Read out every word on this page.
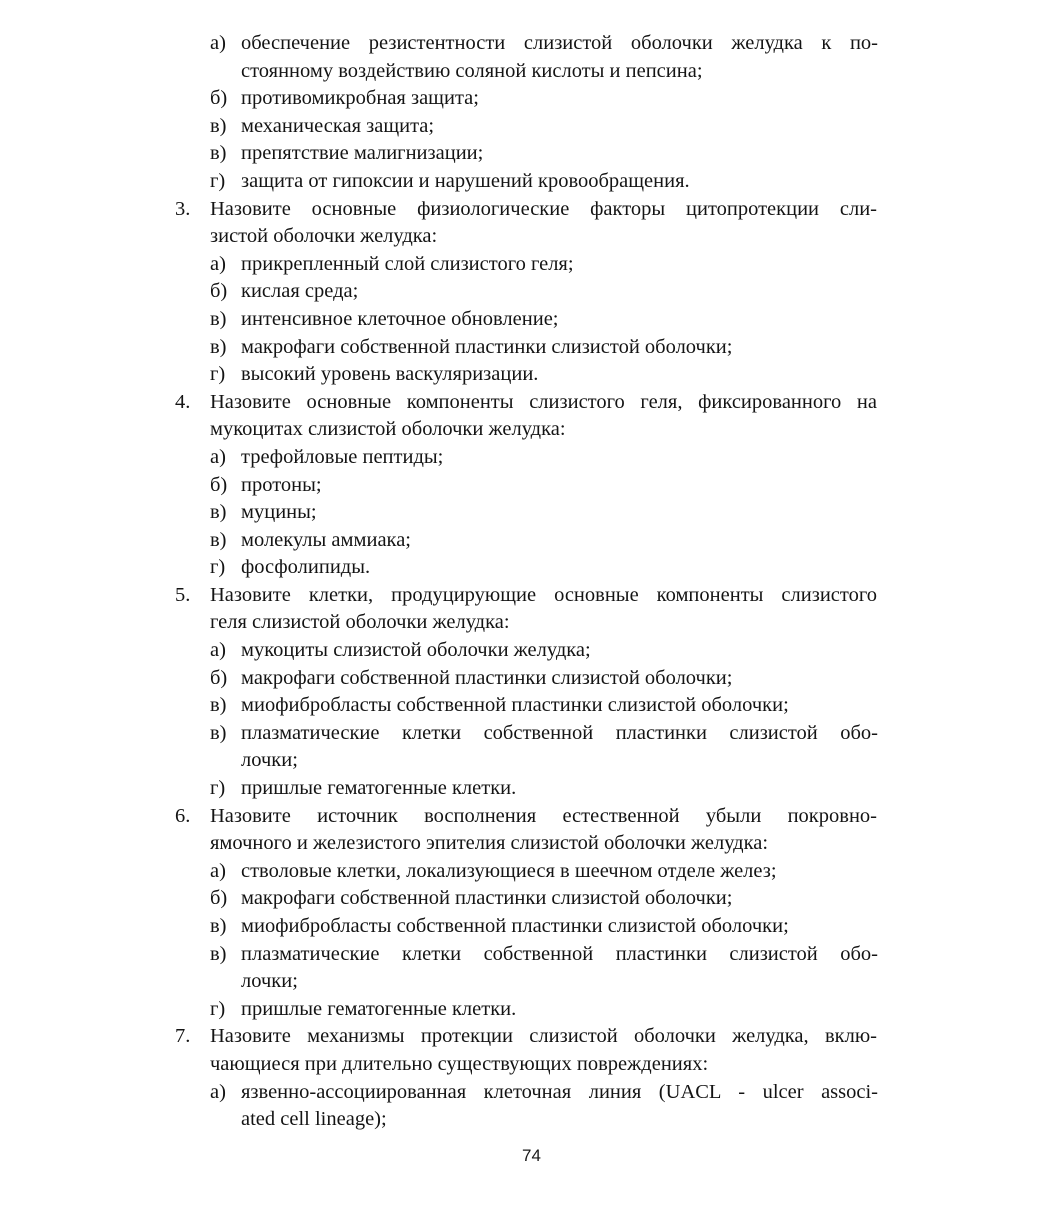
а) обеспечение резистентности слизистой оболочки желудка к по-
стоянному воздействию соляной кислоты и пепсина;
б) противомикробная защита;
в) механическая защита;
в) препятствие малигнизации;
г) защита от гипоксии и нарушений кровообращения.
3. Назовите основные физиологические факторы цитопротекции сли-
зистой оболочки желудка:
а) прикрепленный слой слизистого геля;
б) кислая среда;
в) интенсивное клеточное обновление;
в) макрофаги собственной пластинки слизистой оболочки;
г) высокий уровень васкуляризации.
4. Назовите основные компоненты слизистого геля, фиксированного на
мукоцитах слизистой оболочки желудка:
а) трефойловые пептиды;
б) протоны;
в) муцины;
в) молекулы аммиака;
г) фосфолипиды.
5. Назовите клетки, продуцирующие основные компоненты слизистого
геля слизистой оболочки желудка:
а) мукоциты слизистой оболочки желудка;
б) макрофаги собственной пластинки слизистой оболочки;
в) миофибробласты собственной пластинки слизистой оболочки;
в) плазматические клетки собственной пластинки слизистой обо-
лочки;
г) пришлые гематогенные клетки.
6. Назовите источник восполнения естественной убыли покровно-
ямочного и железистого эпителия слизистой оболочки желудка:
а) стволовые клетки, локализующиеся в шеечном отделе желез;
б) макрофаги собственной пластинки слизистой оболочки;
в) миофибробласты собственной пластинки слизистой оболочки;
в) плазматические клетки собственной пластинки слизистой обо-
лочки;
г) пришлые гематогенные клетки.
7. Назовите механизмы протекции слизистой оболочки желудка, вклю-
чающиеся при длительно существующих повреждениях:
а) язвенно-ассоциированная клеточная линия (UACL - ulcer associ-
ated cell lineage);
74
